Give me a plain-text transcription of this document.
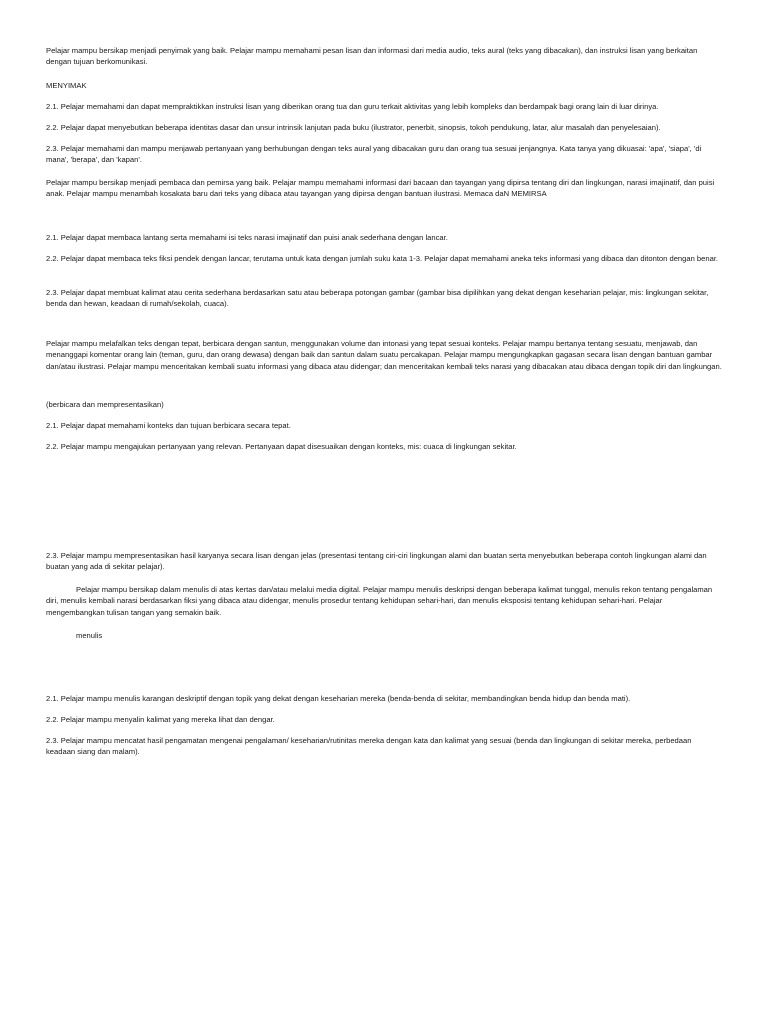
Pelajar mampu bersikap menjadi penyimak yang baik. Pelajar mampu memahami pesan lisan dan informasi dari media audio, teks aural (teks yang dibacakan), dan instruksi lisan yang berkaitan dengan tujuan berkomunikasi.

MENYIMAK

2.1. Pelajar memahami dan dapat mempraktikkan instruksi lisan yang diberikan orang tua dan guru terkait aktivitas yang lebih kompleks dan berdampak bagi orang lain di luar dirinya.

2.2. Pelajar dapat menyebutkan beberapa identitas dasar dan unsur intrinsik lanjutan pada buku (ilustrator, penerbit, sinopsis, tokoh pendukung, latar, alur masalah dan penyelesaian).

2.3. Pelajar memahami dan mampu menjawab pertanyaan yang berhubungan dengan teks aural yang dibacakan guru dan orang tua sesuai jenjangnya. Kata tanya yang dikuasai: 'apa', 'siapa', 'di mana', 'berapa', dan 'kapan'.

Pelajar mampu bersikap menjadi pembaca dan pemirsa yang baik. Pelajar mampu memahami informasi dari bacaan dan tayangan yang dipirsa tentang diri dan lingkungan, narasi imajinatif, dan puisi anak. Pelajar mampu menambah kosakata baru dari teks yang dibaca atau tayangan yang dipirsa dengan bantuan ilustrasi. Memaca daN MEMIRSA

2.1. Pelajar dapat membaca lantang serta memahami isi teks narasi imajinatif dan puisi anak sederhana dengan lancar.

2.2. Pelajar dapat membaca teks fiksi pendek dengan lancar, terutama untuk kata dengan jumlah suku kata 1-3. Pelajar dapat memahami aneka teks informasi yang dibaca dan ditonton dengan benar.

2.3. Pelajar dapat membuat kalimat atau cerita sederhana berdasarkan satu atau beberapa potongan gambar (gambar bisa dipilihkan yang dekat dengan keseharian pelajar, mis: lingkungan sekitar, benda dan hewan, keadaan di rumah/sekolah, cuaca).

Pelajar mampu melafalkan teks dengan tepat, berbicara dengan santun, menggunakan volume dan intonasi yang tepat sesuai konteks. Pelajar mampu bertanya tentang sesuatu, menjawab, dan menanggapi komentar orang lain (teman, guru, dan orang dewasa) dengan baik dan santun dalam suatu percakapan. Pelajar mampu mengungkapkan gagasan secara lisan dengan bantuan gambar dan/atau ilustrasi. Pelajar mampu menceritakan kembali suatu informasi yang dibaca atau didengar; dan menceritakan kembali teks narasi yang dibacakan atau dibaca dengan topik diri dan lingkungan.

(berbicara dan mempresentasikan)

2.1. Pelajar dapat memahami konteks dan tujuan berbicara secara tepat.

2.2. Pelajar mampu mengajukan pertanyaan yang relevan. Pertanyaan dapat disesuaikan dengan konteks, mis: cuaca di lingkungan sekitar.

2.3. Pelajar mampu mempresentasikan hasil karyanya secara lisan dengan jelas (presentasi tentang ciri-ciri lingkungan alami dan buatan serta menyebutkan beberapa contoh lingkungan alami dan buatan yang ada di sekitar pelajar).

Pelajar mampu bersikap dalam menulis di atas kertas dan/atau melalui media digital. Pelajar mampu menulis deskripsi dengan beberapa kalimat tunggal, menulis rekon tentang pengalaman diri, menulis kembali narasi berdasarkan fiksi yang dibaca atau didengar, menulis prosedur tentang kehidupan sehari-hari, dan menulis eksposisi tentang kehidupan sehari-hari. Pelajar mengembangkan tulisan tangan yang semakin baik.

menulis

2.1. Pelajar mampu menulis karangan deskriptif dengan topik yang dekat dengan keseharian mereka (benda-benda di sekitar, membandingkan benda hidup dan benda mati).

2.2. Pelajar mampu menyalin kalimat yang mereka lihat dan dengar.

2.3. Pelajar mampu mencatat hasil pengamatan mengenai pengalaman/ keseharian/rutinitas mereka dengan kata dan kalimat yang sesuai (benda dan lingkungan di sekitar mereka, perbedaan keadaan siang dan malam).
